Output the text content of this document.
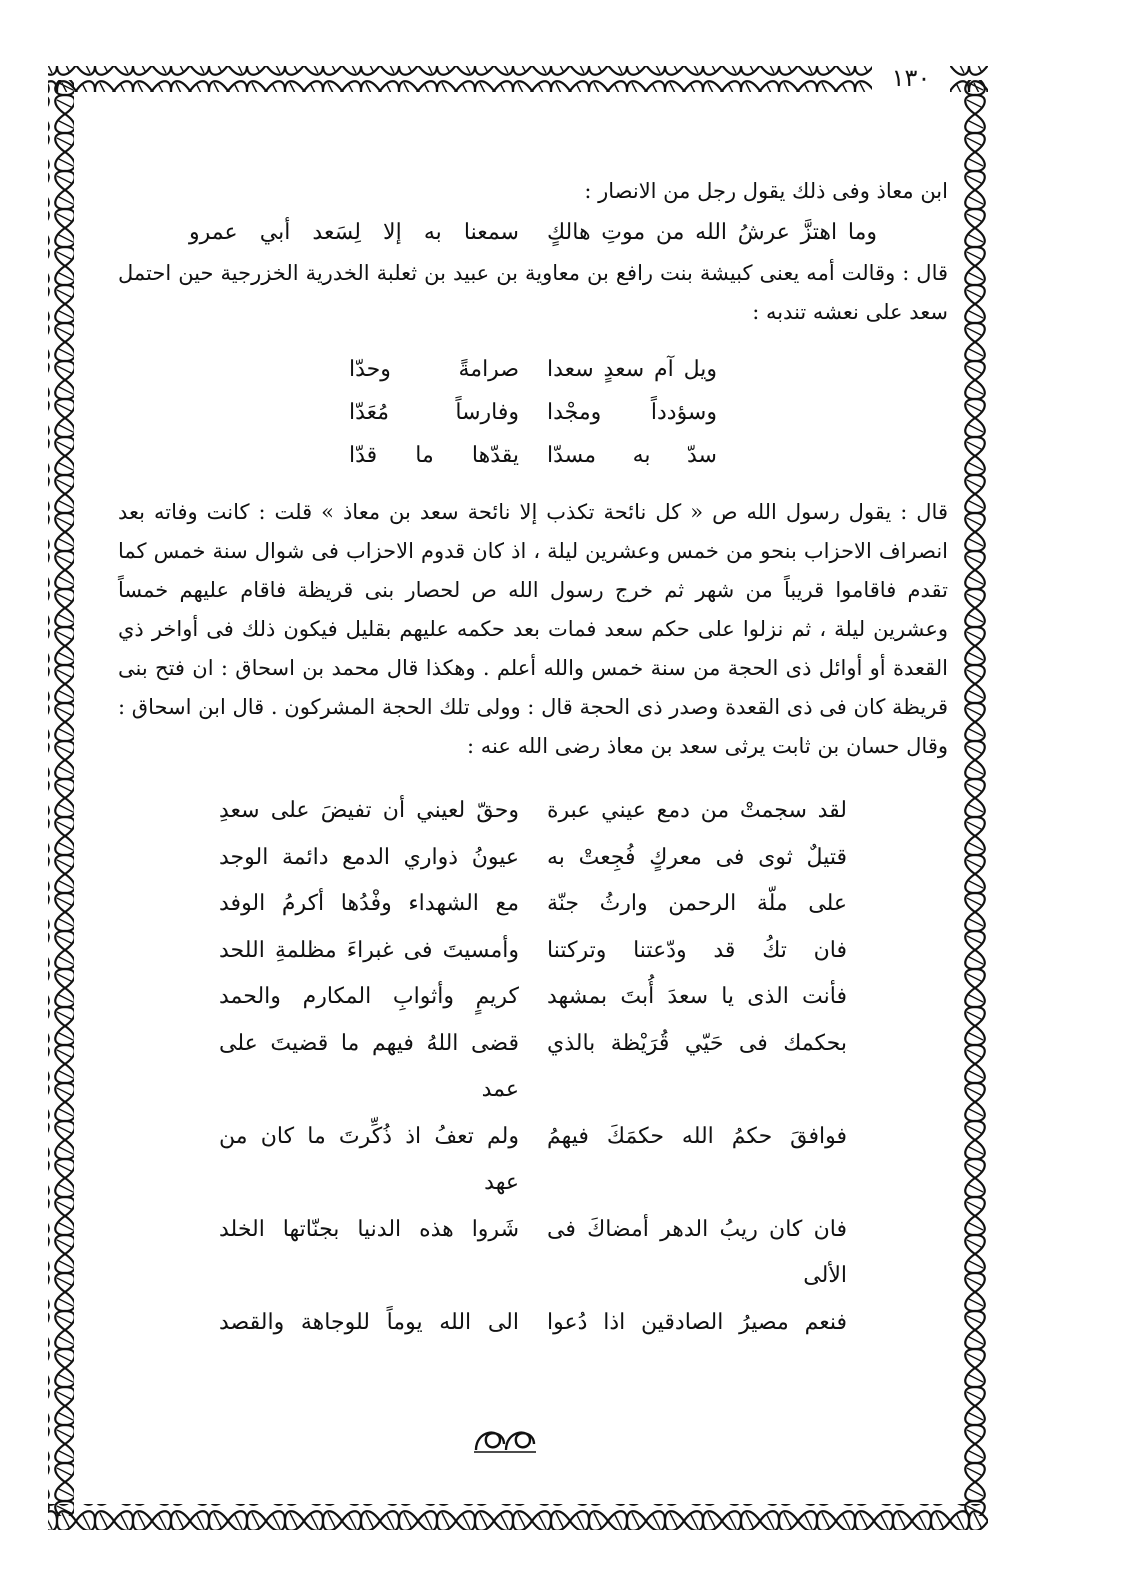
١٣٠

ابن معاذ وفى ذلك يقول رجل من الانصار :

وما اهتزَّ عرشُ الله من موتِ هالكٍ
سمعنا به إلا لِسَعد أبي عمرو

قال : وقالت أمه يعنى كبيشة بنت رافع بن معاوية بن عبيد بن ثعلبة الخدرية الخزرجية حين احتمل سعد على نعشه تندبه :

ويل آم سعدٍ سعدا
صرامةً وحدّا
وسؤدداً ومجْدا
وفارساً مُعَدّا
سدّ به مسدّا
يقدّها ما قدّا

قال : يقول رسول الله ص « كل نائحة تكذب إلا نائحة سعد بن معاذ » قلت : كانت وفاته بعد انصراف الاحزاب بنحو من خمس وعشرين ليلة ، اذ كان قدوم الاحزاب فى شوال سنة خمس كما تقدم فاقاموا قريباً من شهر ثم خرج رسول الله ص لحصار بنى قريظة فاقام عليهم خمساً وعشرين ليلة ، ثم نزلوا على حكم سعد فمات بعد حكمه عليهم بقليل فيكون ذلك فى أواخر ذي القعدة أو أوائل ذى الحجة من سنة خمس والله أعلم . وهكذا قال محمد بن اسحاق : ان فتح بنى قريظة كان فى ذى القعدة وصدر ذى الحجة قال : وولى تلك الحجة المشركون . قال ابن اسحاق : وقال حسان بن ثابت يرثى سعد بن معاذ رضى الله عنه :

لقد سجمتْ من دمع عيني عبرة
وحقّ لعيني أن تفيضَ على سعدِ
قتيلٌ ثوى فى معركٍ فُجِعتْ به
عيونُ ذواري الدمع دائمة الوجد
على ملّة الرحمن وارثُ جنّة
مع الشهداء وفْدُها أكرمُ الوفد
فان تكُ قد ودّعتنا وتركتنا
وأمسيتَ فى غبراءَ مظلمةِ اللحد
فأنت الذى يا سعدَ أُبتَ بمشهد
كريمٍ وأثوابِ المكارم والحمد
بحكمك فى حَيّي قُرَيْظة بالذي
قضى اللهُ فيهم ما قضيتَ على عمد
فوافقَ حكمُ الله حكمَكَ فيهمُ
ولم تعفُ اذ ذُكِّرتَ ما كان من عهد
فان كان ريبُ الدهر أمضاكَ فى الألى
شَروا هذه الدنيا بجنّاتها الخلد
فنعم مصيرُ الصادقين اذا دُعوا
الى الله يوماً للوجاهة والقصد
